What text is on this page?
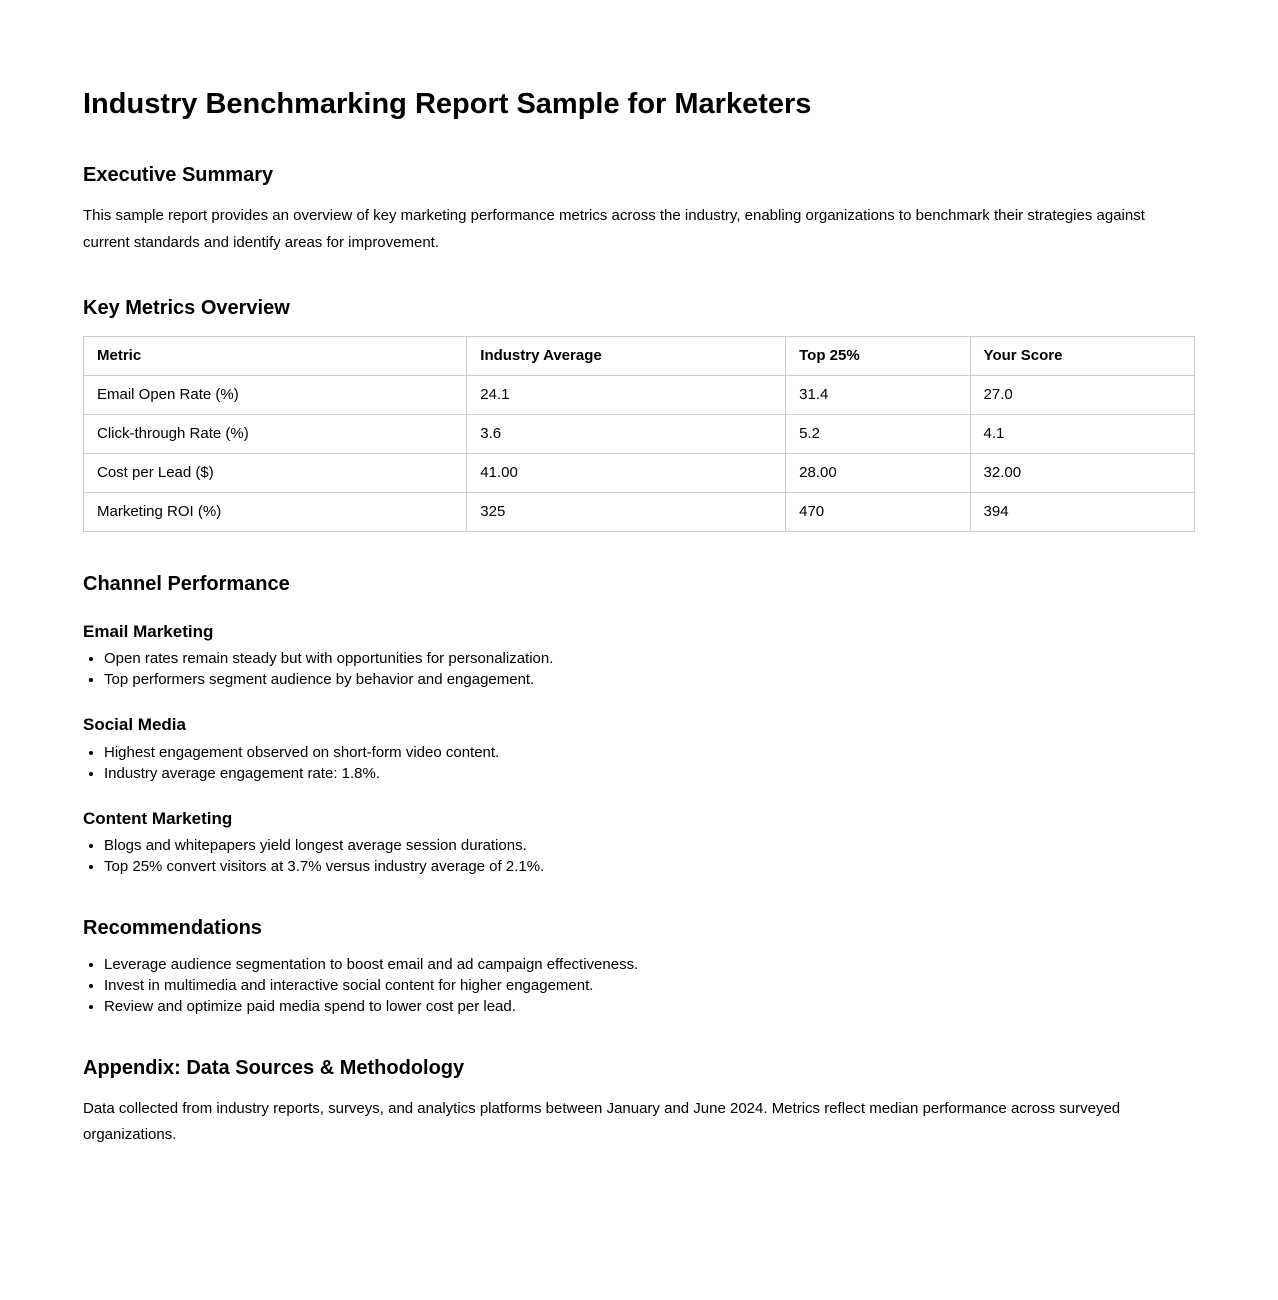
Industry Benchmarking Report Sample for Marketers
Executive Summary

This sample report provides an overview of key marketing performance metrics across the industry, enabling organizations to benchmark their strategies against current standards and identify areas for improvement.

Key Metrics Overview
Metric	Industry Average	Top 25%	Your Score
Email Open Rate (%)	24.1	31.4	27.0
Click-through Rate (%)	3.6	5.2	4.1
Cost per Lead ($)	41.00	28.00	32.00
Marketing ROI (%)	325	470	394
Channel Performance
Email Marketing
• Open rates remain steady but with opportunities for personalization.
• Top performers segment audience by behavior and engagement.
Social Media
• Highest engagement observed on short-form video content.
• Industry average engagement rate: 1.8%.
Content Marketing
• Blogs and whitepapers yield longest average session durations.
• Top 25% convert visitors at 3.7% versus industry average of 2.1%.
Recommendations
• Leverage audience segmentation to boost email and ad campaign effectiveness.
• Invest in multimedia and interactive social content for higher engagement.
• Review and optimize paid media spend to lower cost per lead.
Appendix: Data Sources & Methodology

Data collected from industry reports, surveys, and analytics platforms between January and June 2024. Metrics reflect median performance across surveyed organizations.
